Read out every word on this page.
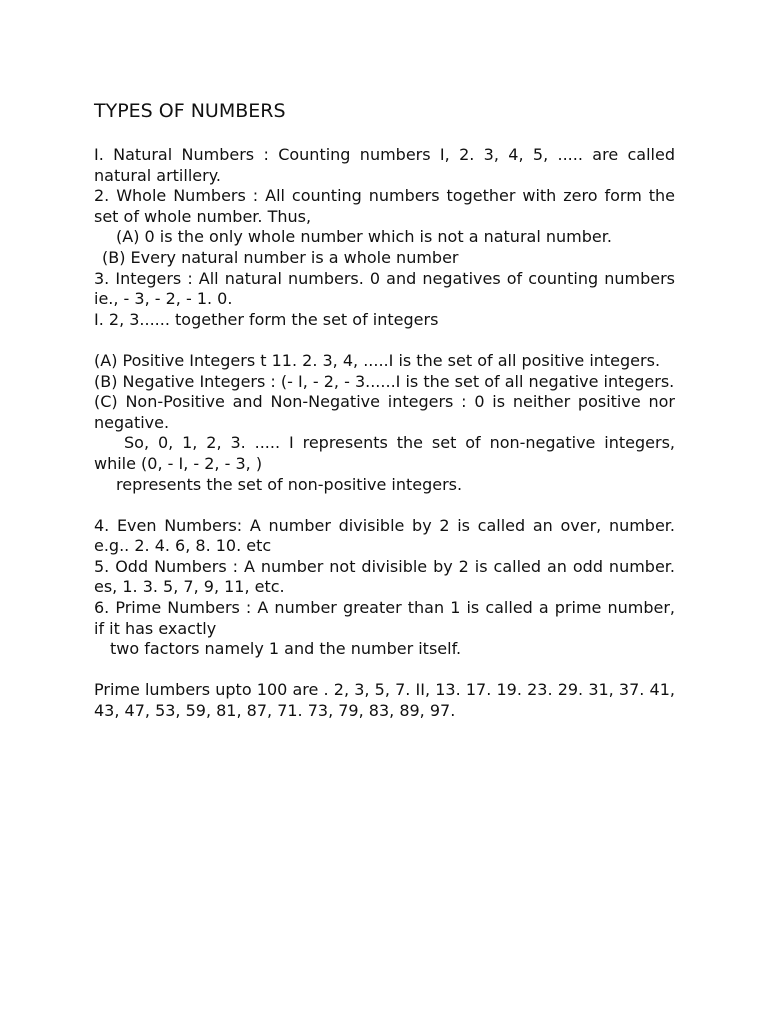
TYPES OF NUMBERS

I. Natural Numbers : Counting numbers I, 2. 3, 4, 5, ..... are called natural artillery.

2. Whole Numbers : All counting numbers together with zero form the set of whole number. Thus,

(A) 0 is the only whole number which is not a natural number.

(B) Every natural number is a whole number

3. Integers : All natural numbers. 0 and negatives of counting numbers ie., - 3, - 2, - 1. 0.

I. 2, 3...... together form the set of integers

(A) Positive Integers t 11. 2. 3, 4, .....I is the set of all positive integers.

(B) Negative Integers : (- I, - 2, - 3......I is the set of all negative integers.

(C) Non-Positive and Non-Negative integers : 0 is neither positive nor negative.

So, 0, 1, 2, 3. ..... I represents the set of non-negative integers, while (0, - I, - 2, - 3, )

represents the set of non-positive integers.

4. Even Numbers: A number divisible by 2 is called an over, number. e.g.. 2. 4. 6, 8. 10. etc

5. Odd Numbers : A number not divisible by 2 is called an odd number. es, 1. 3. 5, 7, 9, 11, etc.

6. Prime Numbers : A number greater than 1 is called a prime number, if it has exactly

two factors namely 1 and the number itself.

Prime lumbers upto 100 are . 2, 3, 5, 7. II, 13. 17. 19. 23. 29. 31, 37. 41, 43, 47, 53, 59, 81, 87, 71. 73, 79, 83, 89, 97.
